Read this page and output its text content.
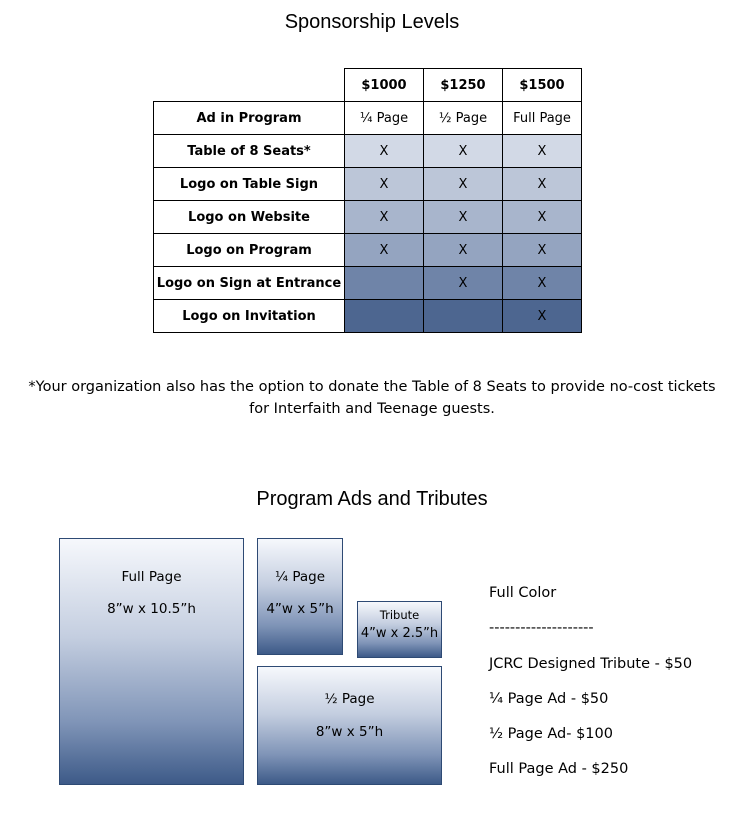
Sponsorship Levels
	$1000	$1250	$1500
Ad in Program	¼ Page	½ Page	Full Page
Table of 8 Seats*	X	X	X
Logo on Table Sign	X	X	X
Logo on Website	X	X	X
Logo on Program	X	X	X
Logo on Sign at Entrance		X	X
Logo on Invitation			X
*Your organization also has the option to donate the Table of 8 Seats to provide no-cost tickets
for Interfaith and Teenage guests.
Program Ads and Tributes
Full Page
8”w x 10.5”h
¼ Page
4”w x 5”h	Tribute
4”w x 2.5”h
½ Page
8”w x 5”h
Full Color
--------------------
JCRC Designed Tribute - $50
¼ Page Ad - $50
½ Page Ad- $100
Full Page Ad - $250
